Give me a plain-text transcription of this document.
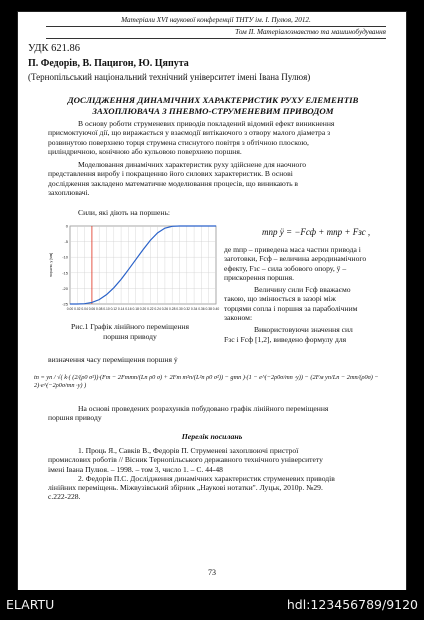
Матеріали XVI наукової конференції ТНТУ ім. І. Пулюя, 2012.
Том II. Матеріалознавство та машинобудування
УДК 621.86
П. Федорів, В. Пацигон, Ю. Цяпута
(Тернопільський національний технічний університет імені Івана Пулюя)
ДОСЛІДЖЕННЯ ДИНАМІЧНИХ ХАРАКТЕРИСТИК РУХУ ЕЛЕМЕНТІВ
ЗАХОПЛЮВАЧА З ПНЕВМО-СТРУМЕНЕВИМ ПРИВОДОМ
В основу роботи струменевих приводів покладений відомий ефект виникнення
присмоктуючої дії, що виражається у взаємодії витікаючого з отвору малого діаметра з
розвинутою поверхнею торця струмена стиснутого повітря з обтічною плоскою,
циліндричною, конічною або кульовою поверхнею поршня.
Моделювання динамічних характеристик руху здійснене для наочного
представлення виробу і покращенню його силових характеристик. В основі
дослідження закладено математичне моделювання процесів, що виникають в
захоплювачі.
Сили, які діють на поршень:
0.00 0.02 0.04 0.06 0.08 0.10 0.12 0.14 0.16 0.18 0.20 0.22 0.24 0.26 0.28 0.30 0.32 0.34 0.36 0.38 0.40
0
-5
-10
-15
-20
-25
поршня, y [мм]
Рис.1 Графік лінійного переміщення
поршня приводу
mпр ÿ = −Fсф + mпр + Fзс ,
де mпр – приведена маса частин привода і
заготовки, Fсф – величина аеродинамічного
ефекту, Fзс – сила зобового опору, ÿ –
прискорення поршня.
Величину сили Fсф вважаємо
такою, що змінюється в зазорі між
торцями сопла і поршня за параболічним
законом:
Використовуючи значення сил
Fзс і Fсф [1,2], виведено формулу для
визначення часу переміщення поршня ẏ
tn = yn / √( k·( (2/(ρ0 σ²))·(Fm − 2Fmmп/(Lп ρ0 σ) + 2Fm m²п/(L²п ρ0 σ²)) − gmп )·(1 − e^(−2ρ0σ/mп ·y)) − (2Fм yn/Lп − 2mп/(ρ0σ) − 2)·e^(−2ρ0σ/mп ·y) )
На основі проведених розрахунків побудовано графік лінійного переміщення
поршня приводу
Перелік посилань
1. Проць Я., Савків В., Федорів П. Струменеві захоплюючі пристрої
промислових роботів // Вісник Тернопільського державного технічного університету
імені Івана Пулюя. – 1998. – том 3, число 1. – С. 44-48
2. Федорів П.С. Дослідження динамічних характеристик струменевих приводів
лінійних переміщень. Міжвузівський збірник „Наукові нотатки". Луцьк, 2010р. №29.
с.222-228.
73
ELARTU	hdl:123456789/9120
